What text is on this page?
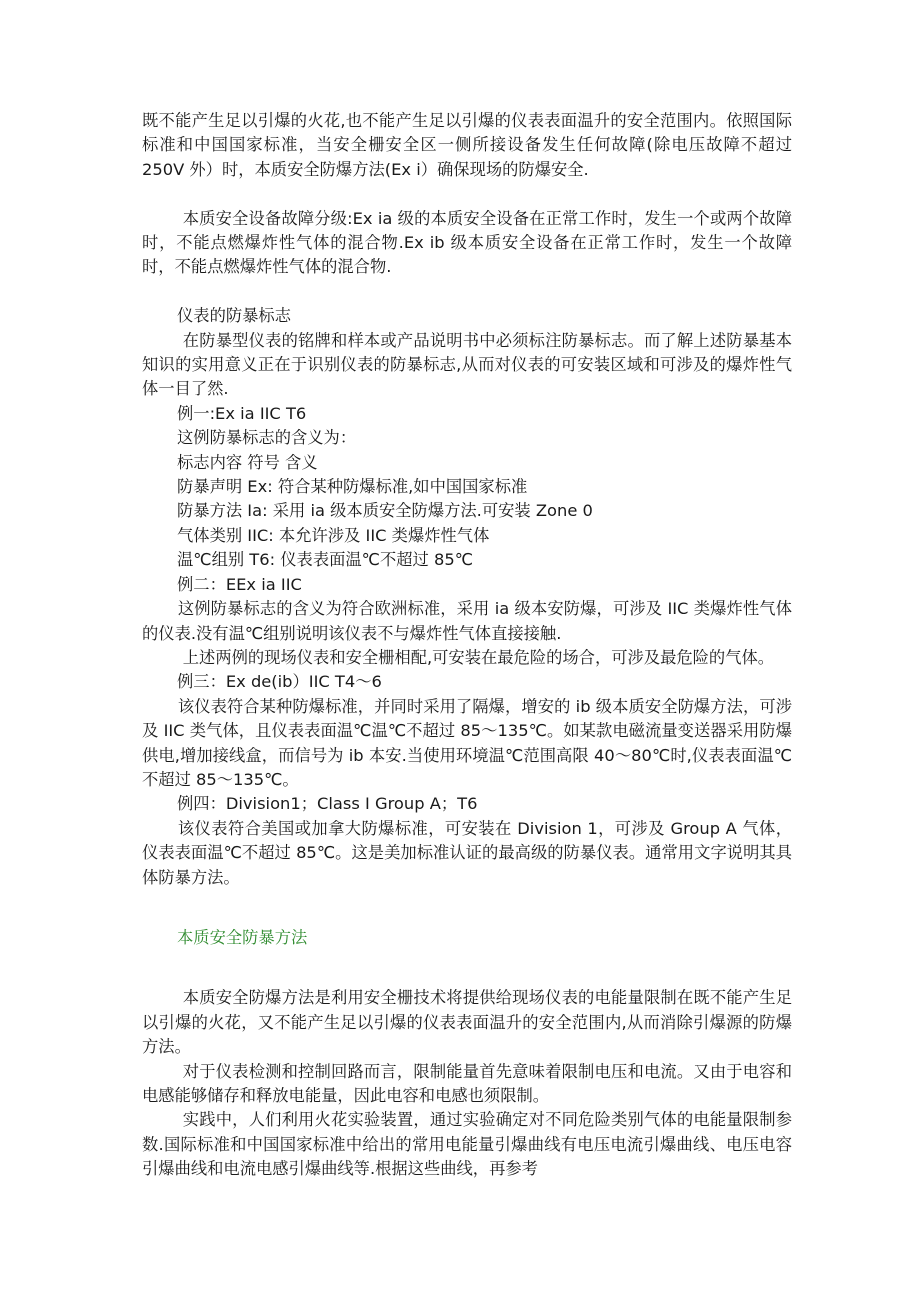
既不能产生足以引爆的火花,也不能产生足以引爆的仪表表面温升的安全范围内。依照国际标准和中国国家标准，当安全栅安全区一侧所接设备发生任何故障(除电压故障不超过 250V 外）时，本质安全防爆方法(Ex i）确保现场的防爆安全.

本质安全设备故障分级:Ex ia 级的本质安全设备在正常工作时，发生一个或两个故障时，不能点燃爆炸性气体的混合物.Ex ib 级本质安全设备在正常工作时，发生一个故障时，不能点燃爆炸性气体的混合物.

仪表的防暴标志

在防暴型仪表的铭牌和样本或产品说明书中必须标注防暴标志。而了解上述防暴基本知识的实用意义正在于识别仪表的防暴标志,从而对仪表的可安装区域和可涉及的爆炸性气体一目了然.

例一:Ex ia IIC T6

这例防暴标志的含义为：

标志内容 符号 含义

防暴声明 Ex: 符合某种防爆标准,如中国国家标准

防暴方法 Ia: 采用 ia 级本质安全防爆方法.可安装 Zone 0

气体类别 IIC: 本允许涉及 IIC 类爆炸性气体

温℃组别 T6: 仪表表面温℃不超过 85℃

例二：EEx ia IIC

这例防暴标志的含义为符合欧洲标准，采用 ia 级本安防爆，可涉及 IIC 类爆炸性气体的仪表.没有温℃组别说明该仪表不与爆炸性气体直接接触.

上述两例的现场仪表和安全栅相配,可安装在最危险的场合，可涉及最危险的气体。

例三：Ex de(ib）IIC T4～6

该仪表符合某种防爆标准，并同时采用了隔爆，增安的 ib 级本质安全防爆方法，可涉及 IIC 类气体，且仪表表面温℃温℃不超过 85～135℃。如某款电磁流量变送器采用防爆供电,增加接线盒，而信号为 ib 本安.当使用环境温℃范围高限 40～80℃时,仪表表面温℃不超过 85～135℃。

例四：Division1；Class I Group A；T6

该仪表符合美国或加拿大防爆标准，可安装在 Division 1，可涉及 Group A 气体，仪表表面温℃不超过 85℃。这是美加标准认证的最高级的防暴仪表。通常用文字说明其具体防暴方法。

本质安全防暴方法

本质安全防爆方法是利用安全栅技术将提供给现场仪表的电能量限制在既不能产生足以引爆的火花，又不能产生足以引爆的仪表表面温升的安全范围内,从而消除引爆源的防爆方法。

对于仪表检测和控制回路而言，限制能量首先意味着限制电压和电流。又由于电容和电感能够储存和释放电能量，因此电容和电感也须限制。

实践中，人们利用火花实验装置，通过实验确定对不同危险类别气体的电能量限制参数.国际标准和中国国家标准中给出的常用电能量引爆曲线有电压电流引爆曲线、电压电容引爆曲线和电流电感引爆曲线等.根据这些曲线，再参考
